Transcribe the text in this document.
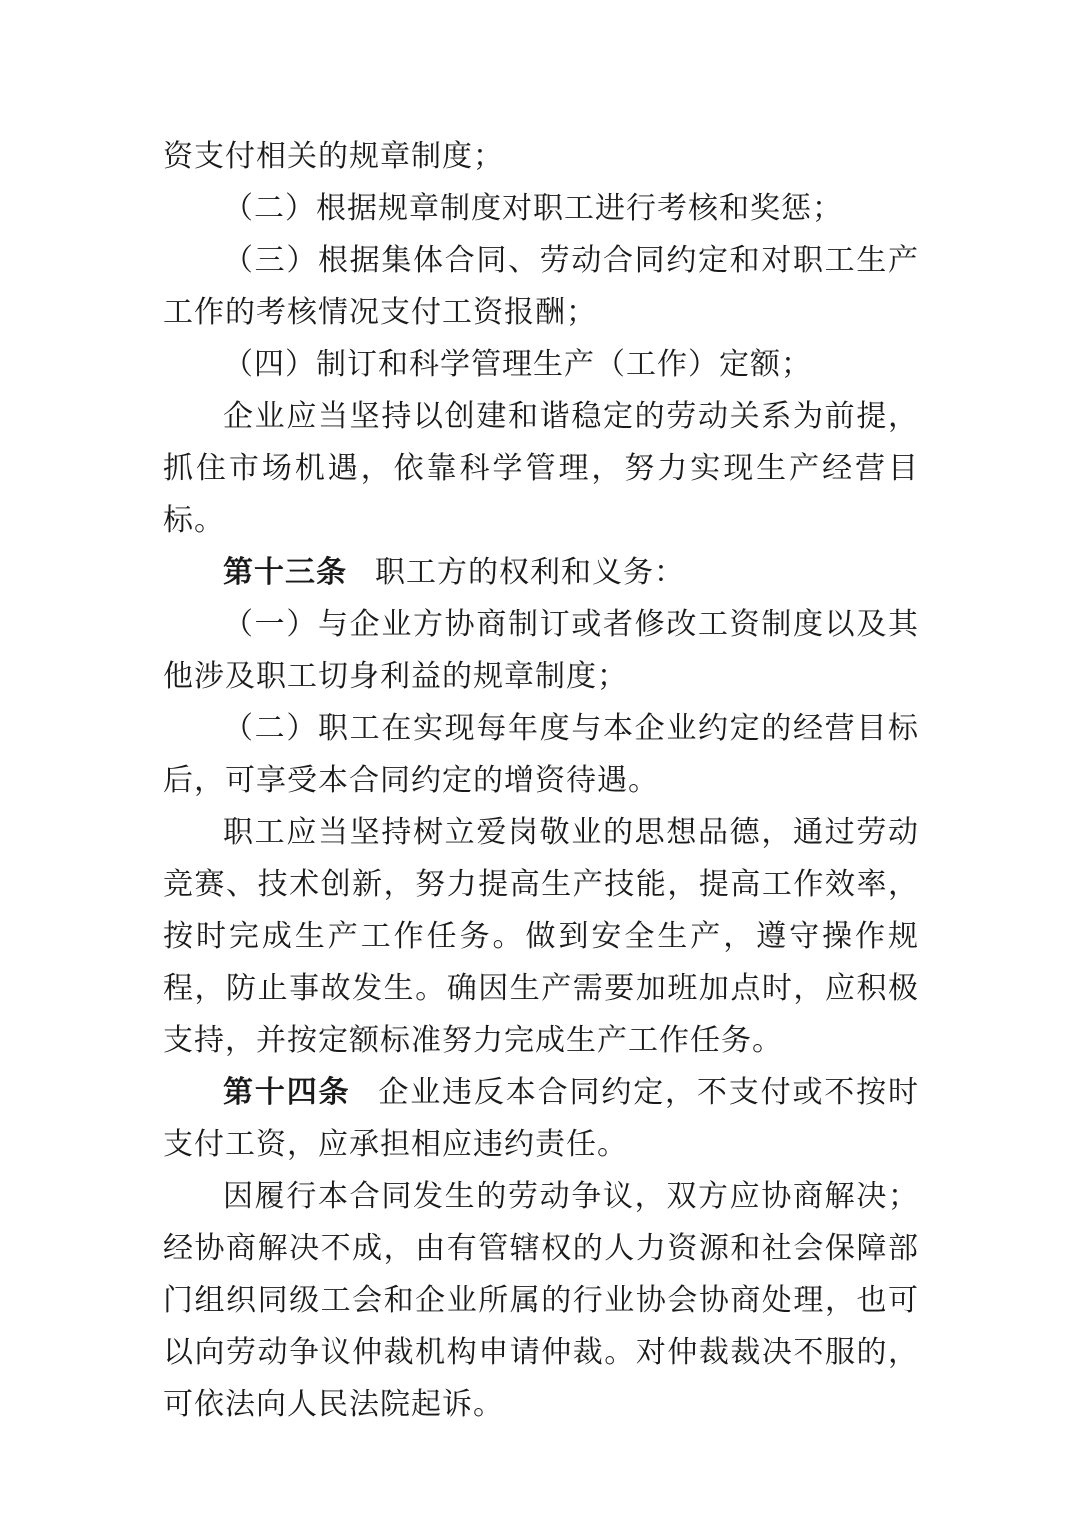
资支付相关的规章制度；

（二）根据规章制度对职工进行考核和奖惩；

（三）根据集体合同、劳动合同约定和对职工生产工作的考核情况支付工资报酬；

（四）制订和科学管理生产（工作）定额；

企业应当坚持以创建和谐稳定的劳动关系为前提，抓住市场机遇，依靠科学管理，努力实现生产经营目标。

第十三条 职工方的权利和义务：

（一）与企业方协商制订或者修改工资制度以及其他涉及职工切身利益的规章制度；

（二）职工在实现每年度与本企业约定的经营目标后，可享受本合同约定的增资待遇。

职工应当坚持树立爱岗敬业的思想品德，通过劳动竞赛、技术创新，努力提高生产技能，提高工作效率，按时完成生产工作任务。做到安全生产，遵守操作规程，防止事故发生。确因生产需要加班加点时，应积极支持，并按定额标准努力完成生产工作任务。

第十四条 企业违反本合同约定，不支付或不按时支付工资，应承担相应违约责任。

因履行本合同发生的劳动争议，双方应协商解决；经协商解决不成，由有管辖权的人力资源和社会保障部门组织同级工会和企业所属的行业协会协商处理，也可以向劳动争议仲裁机构申请仲裁。对仲裁裁决不服的，可依法向人民法院起诉。
